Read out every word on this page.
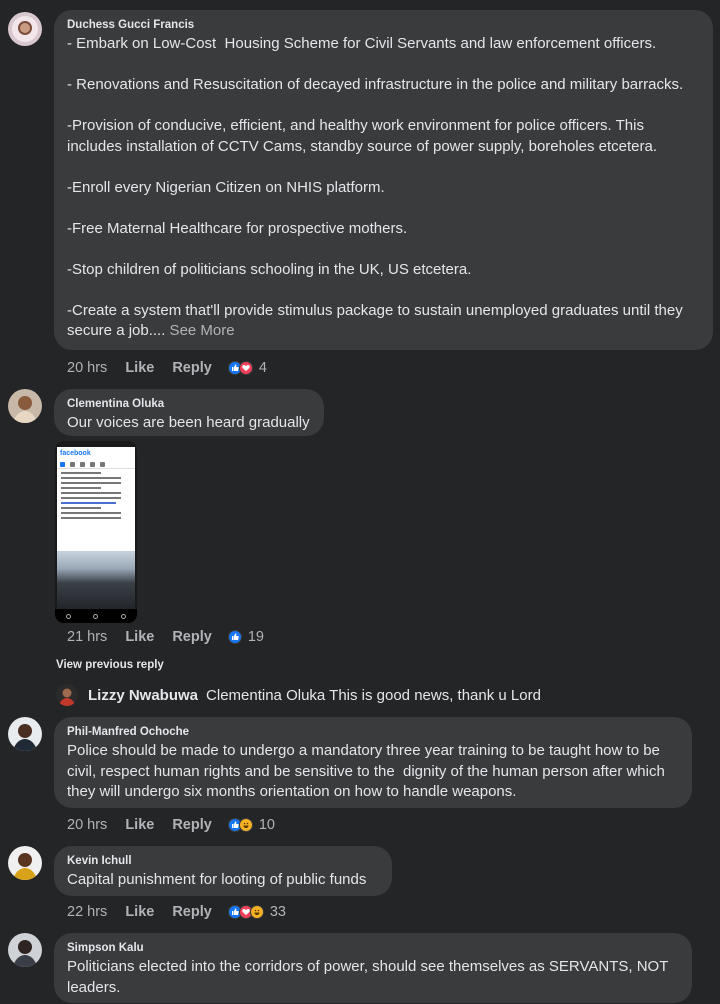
Duchess Gucci Francis
- Embark on Low-Cost  Housing Scheme for Civil Servants and law enforcement officers.
- Renovations and Resuscitation of decayed infrastructure in the police and military barracks.
-Provision of conducive, efficient, and healthy work environment for police officers. This includes installation of CCTV Cams, standby source of power supply, boreholes etcetera.
-Enroll every Nigerian Citizen on NHIS platform.
-Free Maternal Healthcare for prospective mothers.
-Stop children of politicians schooling in the UK, US etcetera.
-Create a system that'll provide stimulus package to sustain unemployed graduates until they secure a job.... See More
20 hrs Like Reply	4
Clementina Oluka
Our voices are been heard gradually
facebook
21 hrs Like Reply 19
View previous reply
Lizzy Nwabuwa Clementina Oluka This is good news, thank u Lord
Phil-Manfred Ochoche
Police should be made to undergo a mandatory three year training to be taught how to be civil, respect human rights and be sensitive to the  dignity of the human person after which they will undergo six months orientation on how to handle weapons.
20 hrs Like Reply	10
Kevin Ichull
Capital punishment for looting of public funds
22 hrs Like Reply	33
Simpson Kalu
Politicians elected into the corridors of power, should see themselves as SERVANTS, NOT leaders.
